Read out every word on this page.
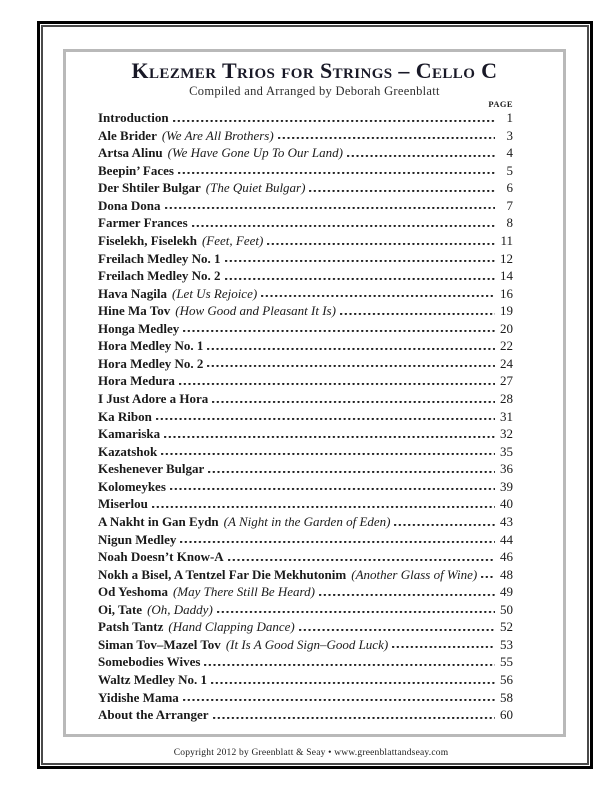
Klezmer Trios for Strings – Cello C
Compiled and Arranged by Deborah Greenblatt
PAGE
Introduction	1
Ale Brider (We Are All Brothers)	3
Artsa Alinu (We Have Gone Up To Our Land)	4
Beepin’ Faces	5
Der Shtiler Bulgar (The Quiet Bulgar)	6
Dona Dona	7
Farmer Frances	8
Fiselekh, Fiselekh (Feet, Feet)	11
Freilach Medley No. 1	12
Freilach Medley No. 2	14
Hava Nagila (Let Us Rejoice)	16
Hine Ma Tov (How Good and Pleasant It Is)	19
Honga Medley	20
Hora Medley No. 1	22
Hora Medley No. 2	24
Hora Medura	27
I Just Adore a Hora	28
Ka Ribon	31
Kamariska	32
Kazatshok	35
Keshenever Bulgar	36
Kolomeykes	39
Miserlou	40
A Nakht in Gan Eydn (A Night in the Garden of Eden)	43
Nigun Medley	44
Noah Doesn’t Know-A	46
Nokh a Bisel, A Tentzel Far Die Mekhutonim (Another Glass of Wine) 48
Od Yeshoma (May There Still Be Heard)	49
Oi, Tate (Oh, Daddy)	50
Patsh Tantz (Hand Clapping Dance)	52
Siman Tov–Mazel Tov (It Is A Good Sign–Good Luck)	53
Somebodies Wives	55
Waltz Medley No. 1	56
Yidishe Mama	58
About the Arranger	60
Copyright 2012 by Greenblatt & Seay • www.greenblattandseay.com
